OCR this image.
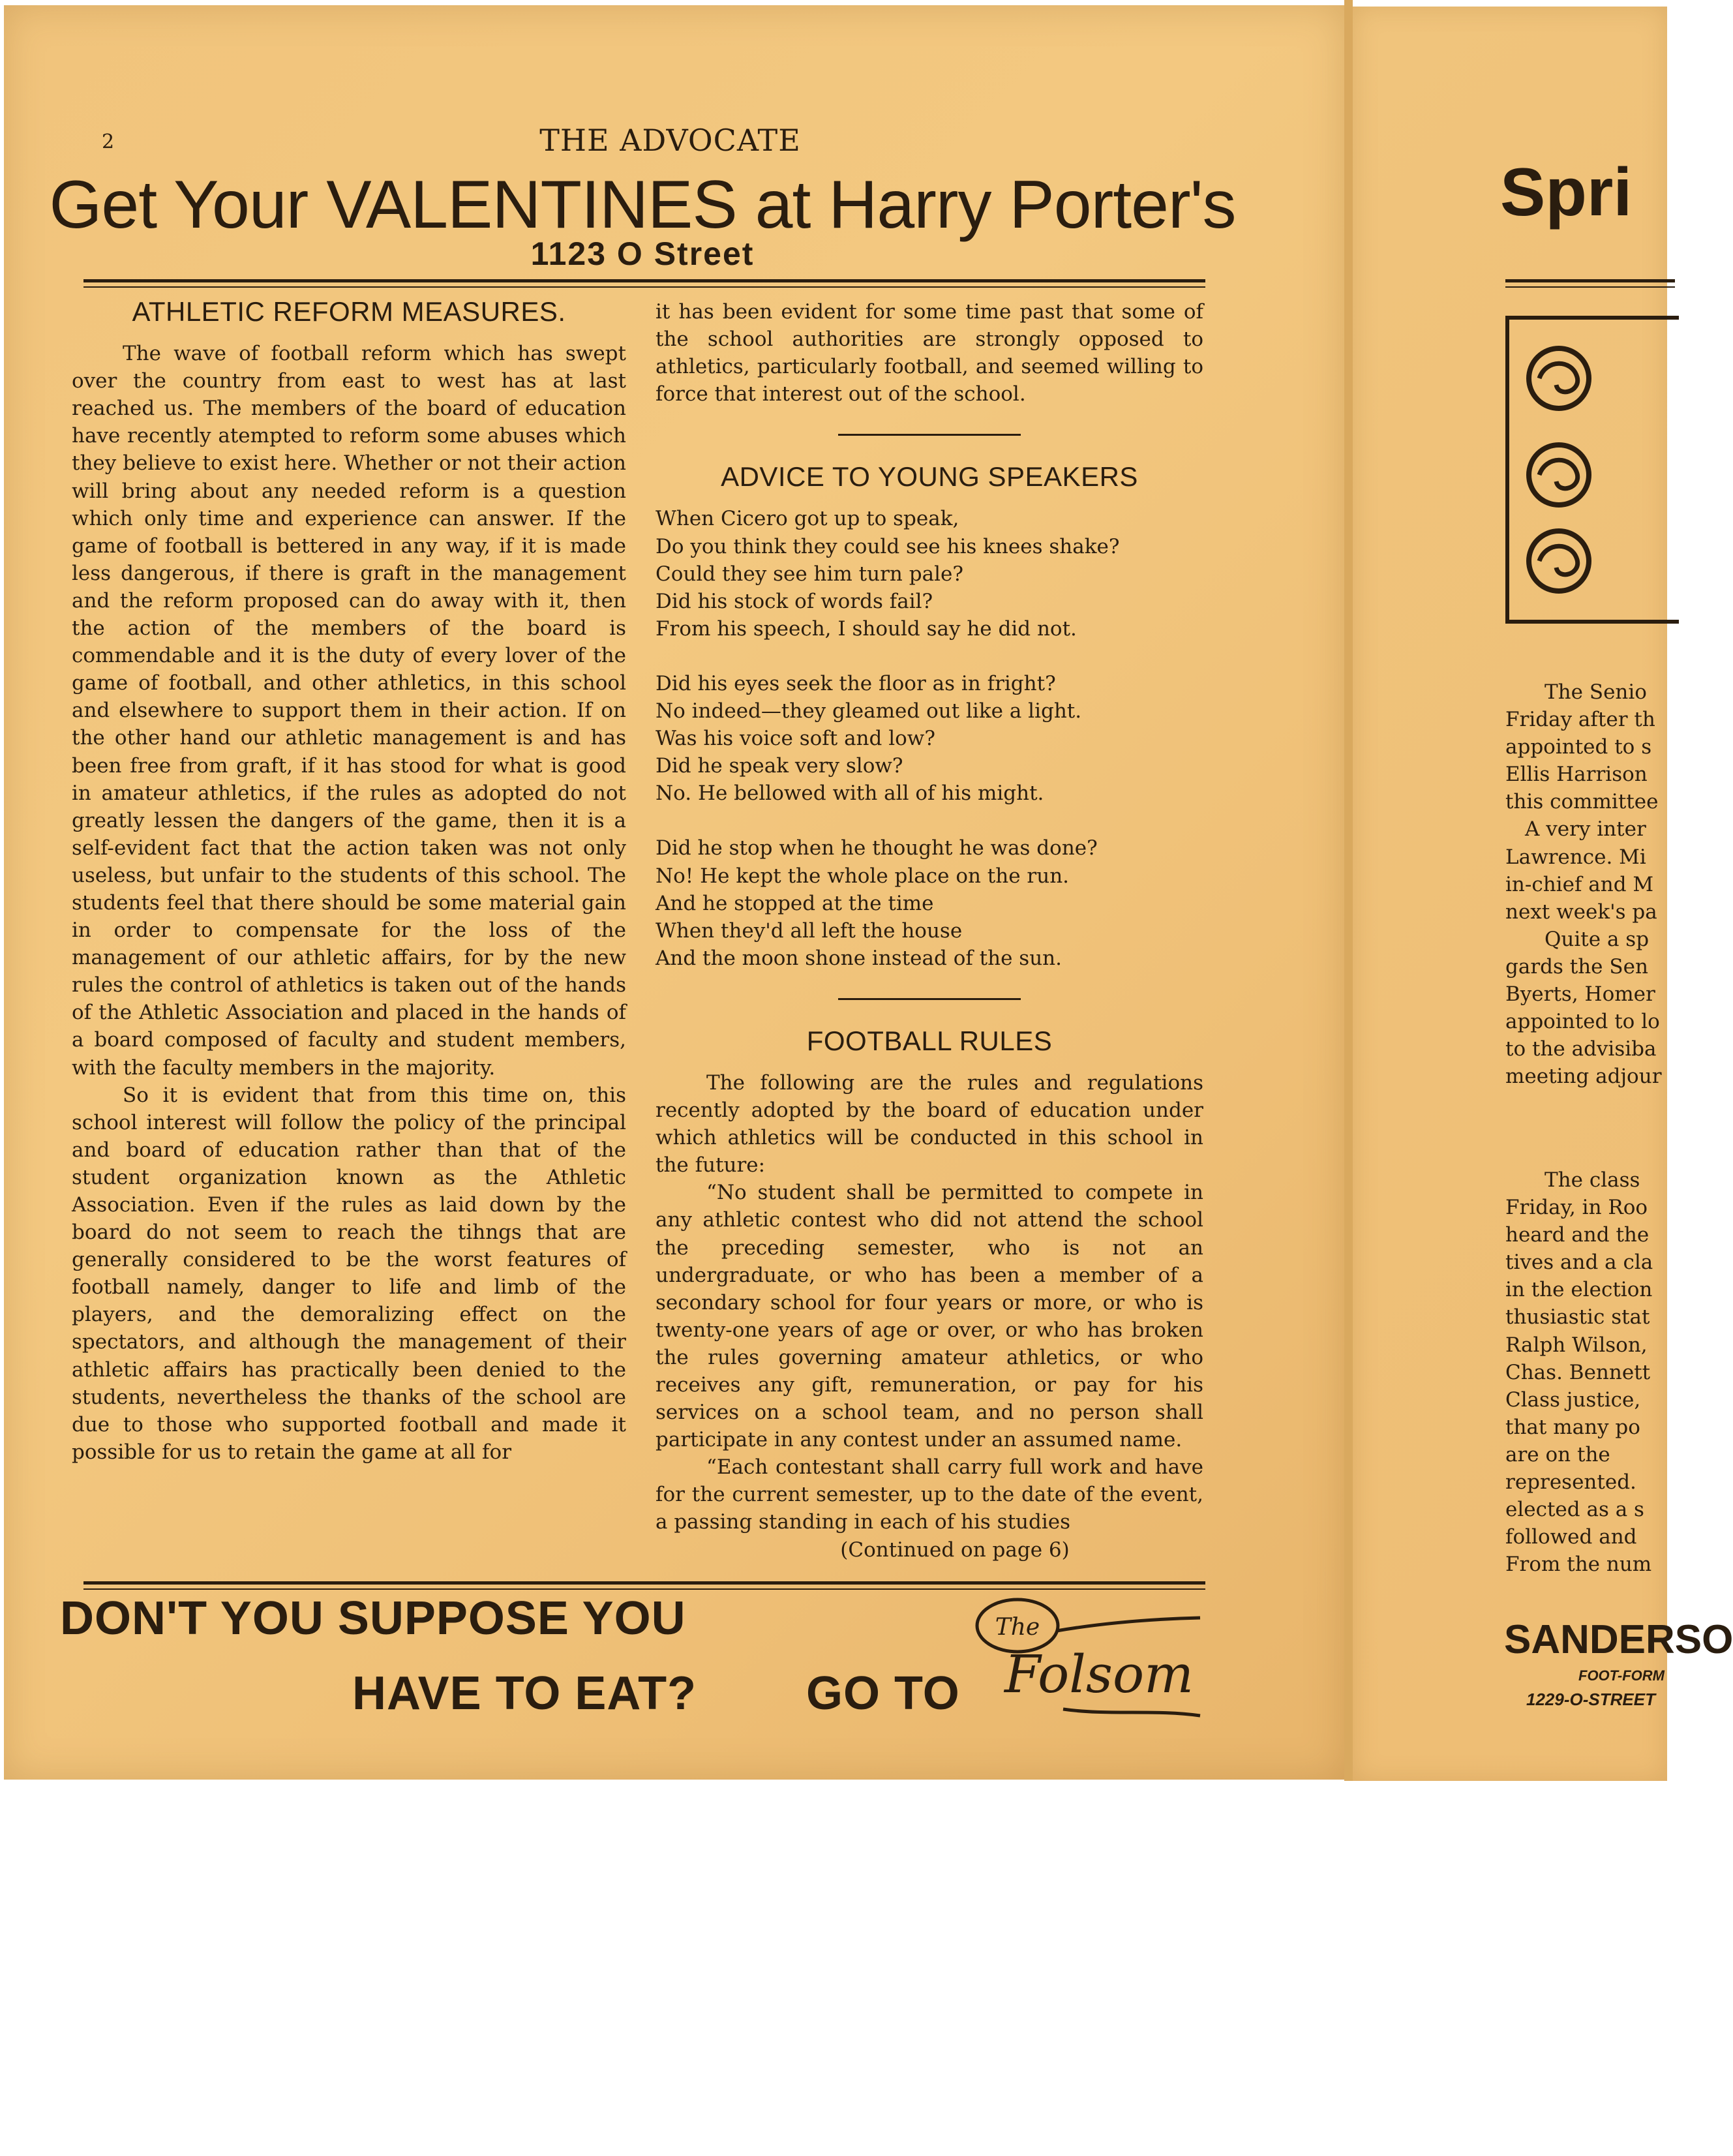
2	THE ADVOCATE
Get Your VALENTINES at Harry Porter's
1123 O Street
ATHLETIC REFORM MEASURES.

The wave of football reform which has swept over the country from east to west has at last reached us. The members of the board of education have recently atempted to reform some abuses which they believe to exist here. Whether or not their action will bring about any needed reform is a question which only time and experience can answer. If the game of football is bettered in any way, if it is made less dangerous, if there is graft in the management and the reform proposed can do away with it, then the action of the members of the board is commendable and it is the duty of every lover of the game of football, and other athletics, in this school and elsewhere to support them in their action. If on the other hand our athletic management is and has been free from graft, if it has stood for what is good in amateur athletics, if the rules as adopted do not greatly lessen the dangers of the game, then it is a self-evident fact that the action taken was not only useless, but unfair to the students of this school. The students feel that there should be some material gain in order to compensate for the loss of the management of our athletic affairs, for by the new rules the control of athletics is taken out of the hands of the Athletic Association and placed in the hands of a board composed of faculty and student members, with the faculty members in the majority.

So it is evident that from this time on, this school interest will follow the policy of the principal and board of education rather than that of the student organization known as the Athletic Association. Even if the rules as laid down by the board do not seem to reach the tihngs that are generally considered to be the worst features of football namely, danger to life and limb of the players, and the demoralizing effect on the spectators, and although the management of their athletic affairs has practically been denied to the students, nevertheless the thanks of the school are due to those who supported football and made it possible for us to retain the game at all for

it has been evident for some time past that some of the school authorities are strongly opposed to athletics, particularly football, and seemed willing to force that interest out of the school.

ADVICE TO YOUNG SPEAKERS
When Cicero got up to speak,
Do you think they could see his knees shake?
Could they see him turn pale?
Did his stock of words fail?
From his speech, I should say he did not.
Did his eyes seek the floor as in fright?
No indeed—they gleamed out like a light.
Was his voice soft and low?
Did he speak very slow?
No. He bellowed with all of his might.
Did he stop when he thought he was done?
No! He kept the whole place on the run.
And he stopped at the time
When they'd all left the house
And the moon shone instead of the sun.
FOOTBALL RULES

The following are the rules and regulations recently adopted by the board of education under which athletics will be conducted in this school in the future:

“No student shall be permitted to compete in any athletic contest who did not attend the school the preceding semester, who is not an undergraduate, or who has been a member of a secondary school for four years or more, or who is twenty-one years of age or over, or who has broken the rules governing amateur athletics, or who receives any gift, remuneration, or pay for his services on a school team, and no person shall participate in any contest under an assumed name.

“Each contestant shall carry full work and have for the current semester, up to the date of the event, a passing standing in each of his studies

(Continued on page 6)

DON'T YOU SUPPOSE YOU
HAVE TO EAT? GO TO
The
Folsom
Spri
The Senio
Friday after th
appointed to s
Ellis Harrison
this committee
A very inter
Lawrence. Mi
in-chief and M
next week's pa
Quite a sp
gards the Sen
Byerts, Homer
appointed to lo
to the advisiba
meeting adjour
The class
Friday, in Roo
heard and the
tives and a cla
in the election
thusiastic stat
Ralph Wilson,
Chas. Bennett
Class justice,
that many po
are on the
represented.
elected as a s
followed and
From the num
SANDERSO
FOOT-FORM
1229-O-STREET
